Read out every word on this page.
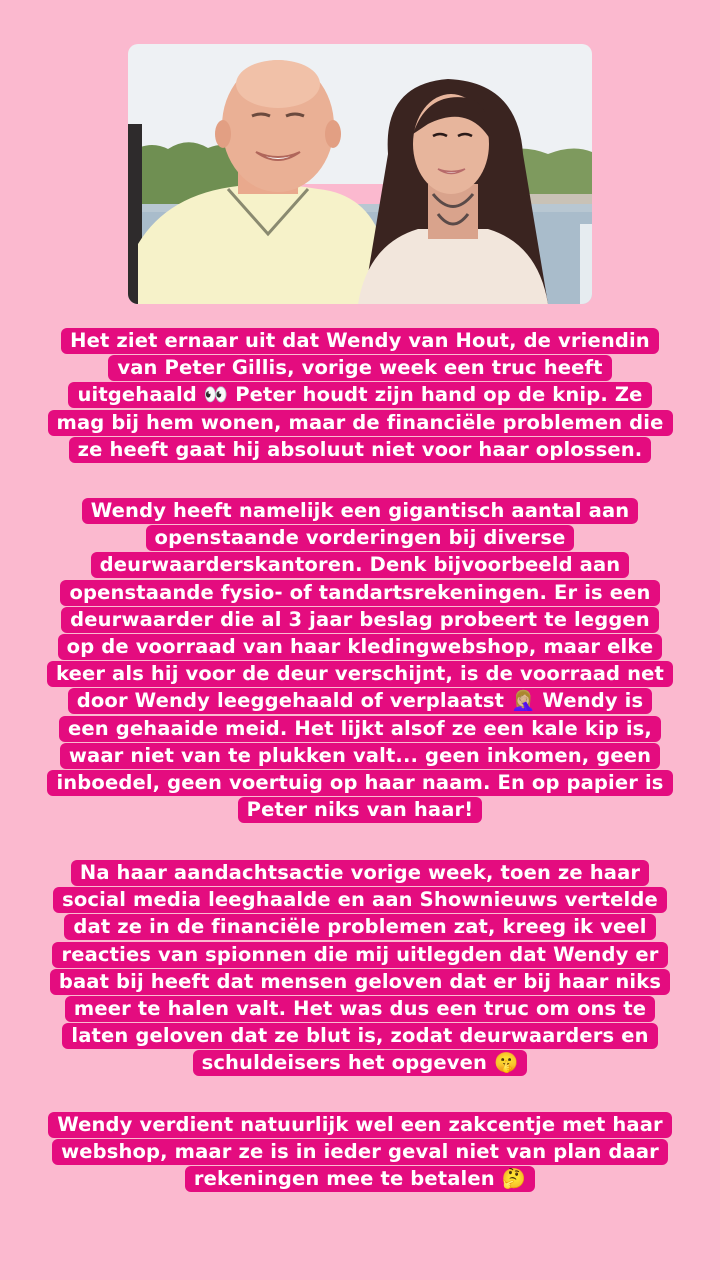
Het ziet ernaar uit dat Wendy van Hout, de vriendin
van Peter Gillis, vorige week een truc heeft
uitgehaald 👀 Peter houdt zijn hand op de knip. Ze
mag bij hem wonen, maar de financiële problemen die
ze heeft gaat hij absoluut niet voor haar oplossen.
Wendy heeft namelijk een gigantisch aantal aan
openstaande vorderingen bij diverse
deurwaarderskantoren. Denk bijvoorbeeld aan
openstaande fysio- of tandartsrekeningen. Er is een
deurwaarder die al 3 jaar beslag probeert te leggen
op de voorraad van haar kledingwebshop, maar elke
keer als hij voor de deur verschijnt, is de voorraad net
door Wendy leeggehaald of verplaatst 🤦🏼‍♀️ Wendy is
een gehaaide meid. Het lijkt alsof ze een kale kip is,
waar niet van te plukken valt... geen inkomen, geen
inboedel, geen voertuig op haar naam. En op papier is
Peter niks van haar!
Na haar aandachtsactie vorige week, toen ze haar
social media leeghaalde en aan Shownieuws vertelde
dat ze in de financiële problemen zat, kreeg ik veel
reacties van spionnen die mij uitlegden dat Wendy er
baat bij heeft dat mensen geloven dat er bij haar niks
meer te halen valt. Het was dus een truc om ons te
laten geloven dat ze blut is, zodat deurwaarders en
schuldeisers het opgeven 🤫
Wendy verdient natuurlijk wel een zakcentje met haar
webshop, maar ze is in ieder geval niet van plan daar
rekeningen mee te betalen 🤔
